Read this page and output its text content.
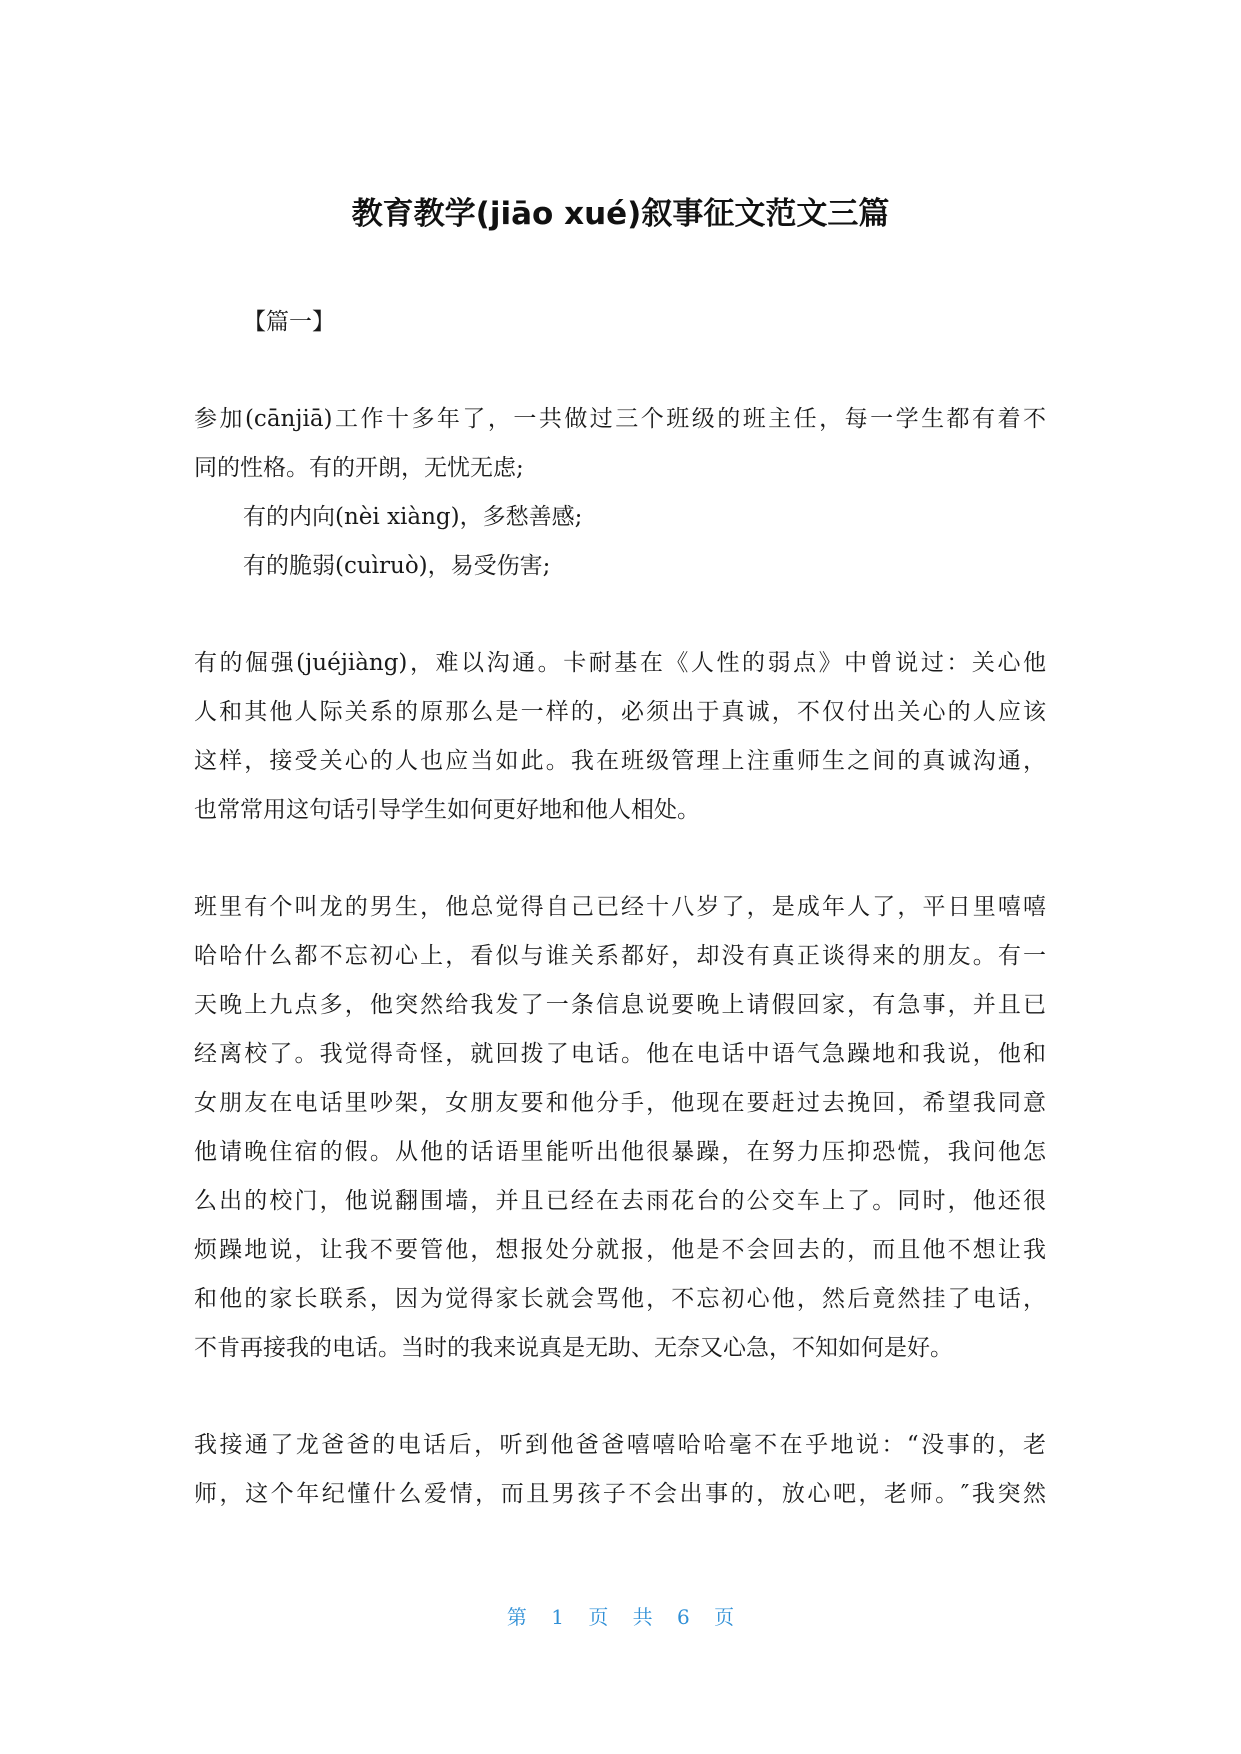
教育教学(jiāo xué)叙事征文范文三篇
【篇一】
参加(cānjiā)工作十多年了，一共做过三个班级的班主任，每一学生都有着不
同的性格。有的开朗，无忧无虑;
有的内向(nèi xiàng)，多愁善感;
有的脆弱(cuìruò)，易受伤害;
有的倔强(juéjiàng)，难以沟通。卡耐基在《人性的弱点》中曾说过：关心他
人和其他人际关系的原那么是一样的，必须出于真诚，不仅付出关心的人应该
这样，接受关心的人也应当如此。我在班级管理上注重师生之间的真诚沟通，
也常常用这句话引导学生如何更好地和他人相处。
班里有个叫龙的男生，他总觉得自己已经十八岁了，是成年人了，平日里嘻嘻
哈哈什么都不忘初心上，看似与谁关系都好，却没有真正谈得来的朋友。有一
天晚上九点多，他突然给我发了一条信息说要晚上请假回家，有急事，并且已
经离校了。我觉得奇怪，就回拨了电话。他在电话中语气急躁地和我说，他和
女朋友在电话里吵架，女朋友要和他分手，他现在要赶过去挽回，希望我同意
他请晚住宿的假。从他的话语里能听出他很暴躁，在努力压抑恐慌，我问他怎
么出的校门，他说翻围墙，并且已经在去雨花台的公交车上了。同时，他还很
烦躁地说，让我不要管他，想报处分就报，他是不会回去的，而且他不想让我
和他的家长联系，因为觉得家长就会骂他，不忘初心他，然后竟然挂了电话，
不肯再接我的电话。当时的我来说真是无助、无奈又心急，不知如何是好。
我接通了龙爸爸的电话后，听到他爸爸嘻嘻哈哈毫不在乎地说：“没事的，老
师，这个年纪懂什么爱情，而且男孩子不会出事的，放心吧，老师。″我突然
第 1 页 共 6 页
